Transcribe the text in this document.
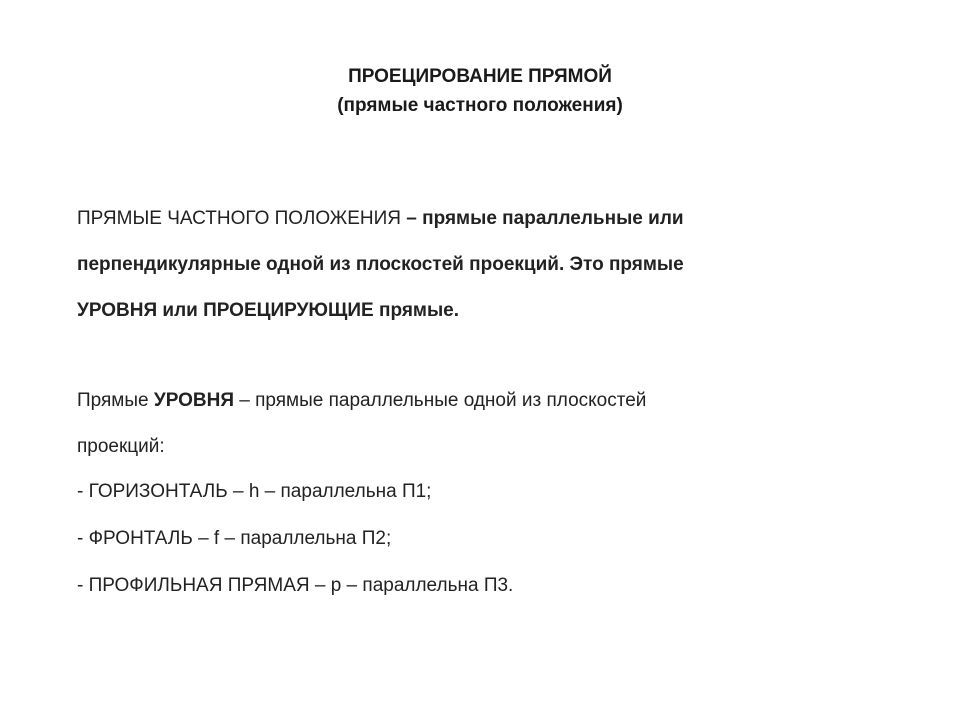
ПРОЕЦИРОВАНИЕ ПРЯМОЙ
(прямые частного положения)
ПРЯМЫЕ ЧАСТНОГО ПОЛОЖЕНИЯ – прямые параллельные или
перпендикулярные одной из плоскостей проекций. Это прямые
УРОВНЯ или ПРОЕЦИРУЮЩИЕ прямые.
Прямые УРОВНЯ – прямые параллельные одной из плоскостей
проекций:
- ГОРИЗОНТАЛЬ – h – параллельна П1;
- ФРОНТАЛЬ – f – параллельна П2;
- ПРОФИЛЬНАЯ ПРЯМАЯ – p – параллельна П3.
